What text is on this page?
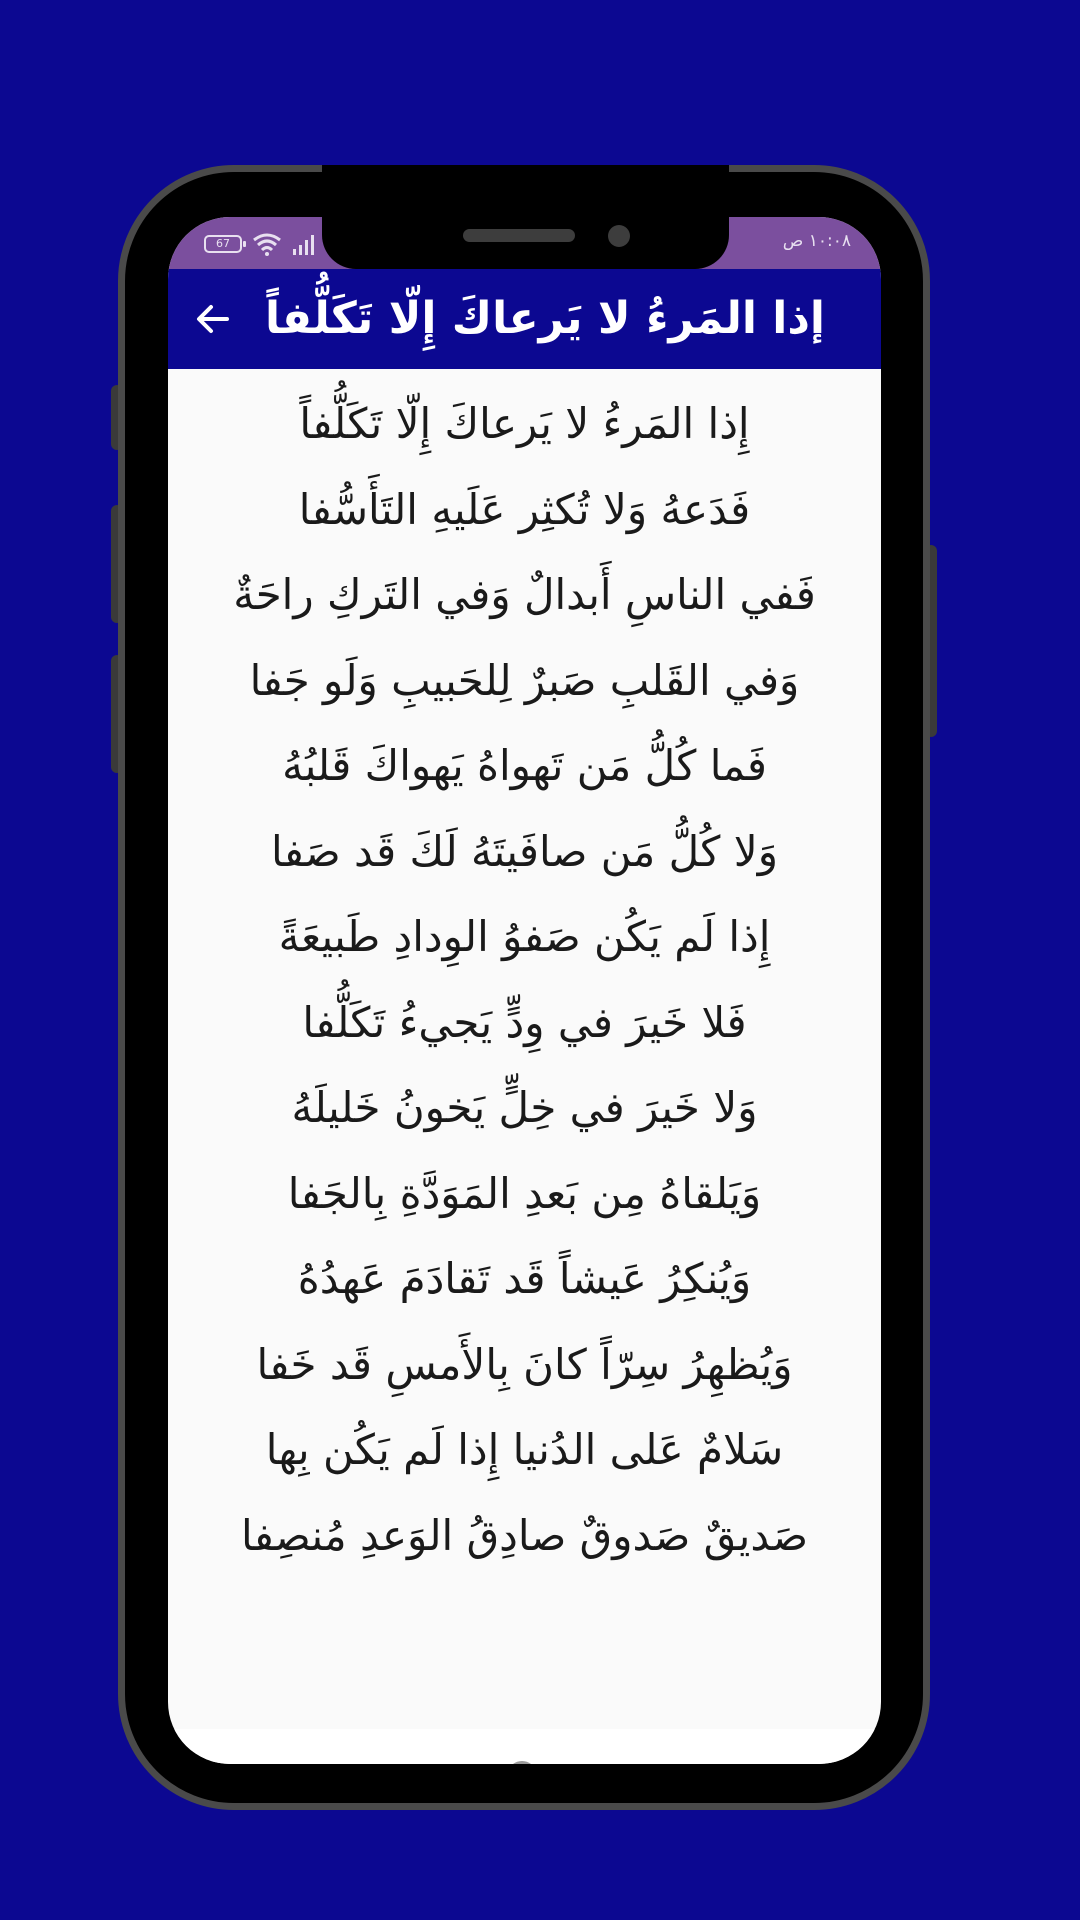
67	١٠:٠٨ ص
إذا المَرءُ لا يَرعاكَ إِلّا تَكَلُّفاً
إِذا المَرءُ لا يَرعاكَ إِلّا تَكَلُّفاً
فَدَعهُ وَلا تُكثِر عَلَيهِ التَأَسُّفا
فَفي الناسِ أَبدالٌ وَفي التَركِ راحَةٌ
وَفي القَلبِ صَبرٌ لِلحَبيبِ وَلَو جَفا
فَما كُلُّ مَن تَهواهُ يَهواكَ قَلبُهُ
وَلا كُلُّ مَن صافَيتَهُ لَكَ قَد صَفا
إِذا لَم يَكُن صَفوُ الوِدادِ طَبيعَةً
فَلا خَيرَ في وِدٍّ يَجيءُ تَكَلُّفا
وَلا خَيرَ في خِلٍّ يَخونُ خَليلَهُ
وَيَلقاهُ مِن بَعدِ المَوَدَّةِ بِالجَفا
وَيُنكِرُ عَيشاً قَد تَقادَمَ عَهدُهُ
وَيُظهِرُ سِرّاً كانَ بِالأَمسِ قَد خَفا
سَلامٌ عَلى الدُنيا إِذا لَم يَكُن بِها
صَديقٌ صَدوقٌ صادِقُ الوَعدِ مُنصِفا
